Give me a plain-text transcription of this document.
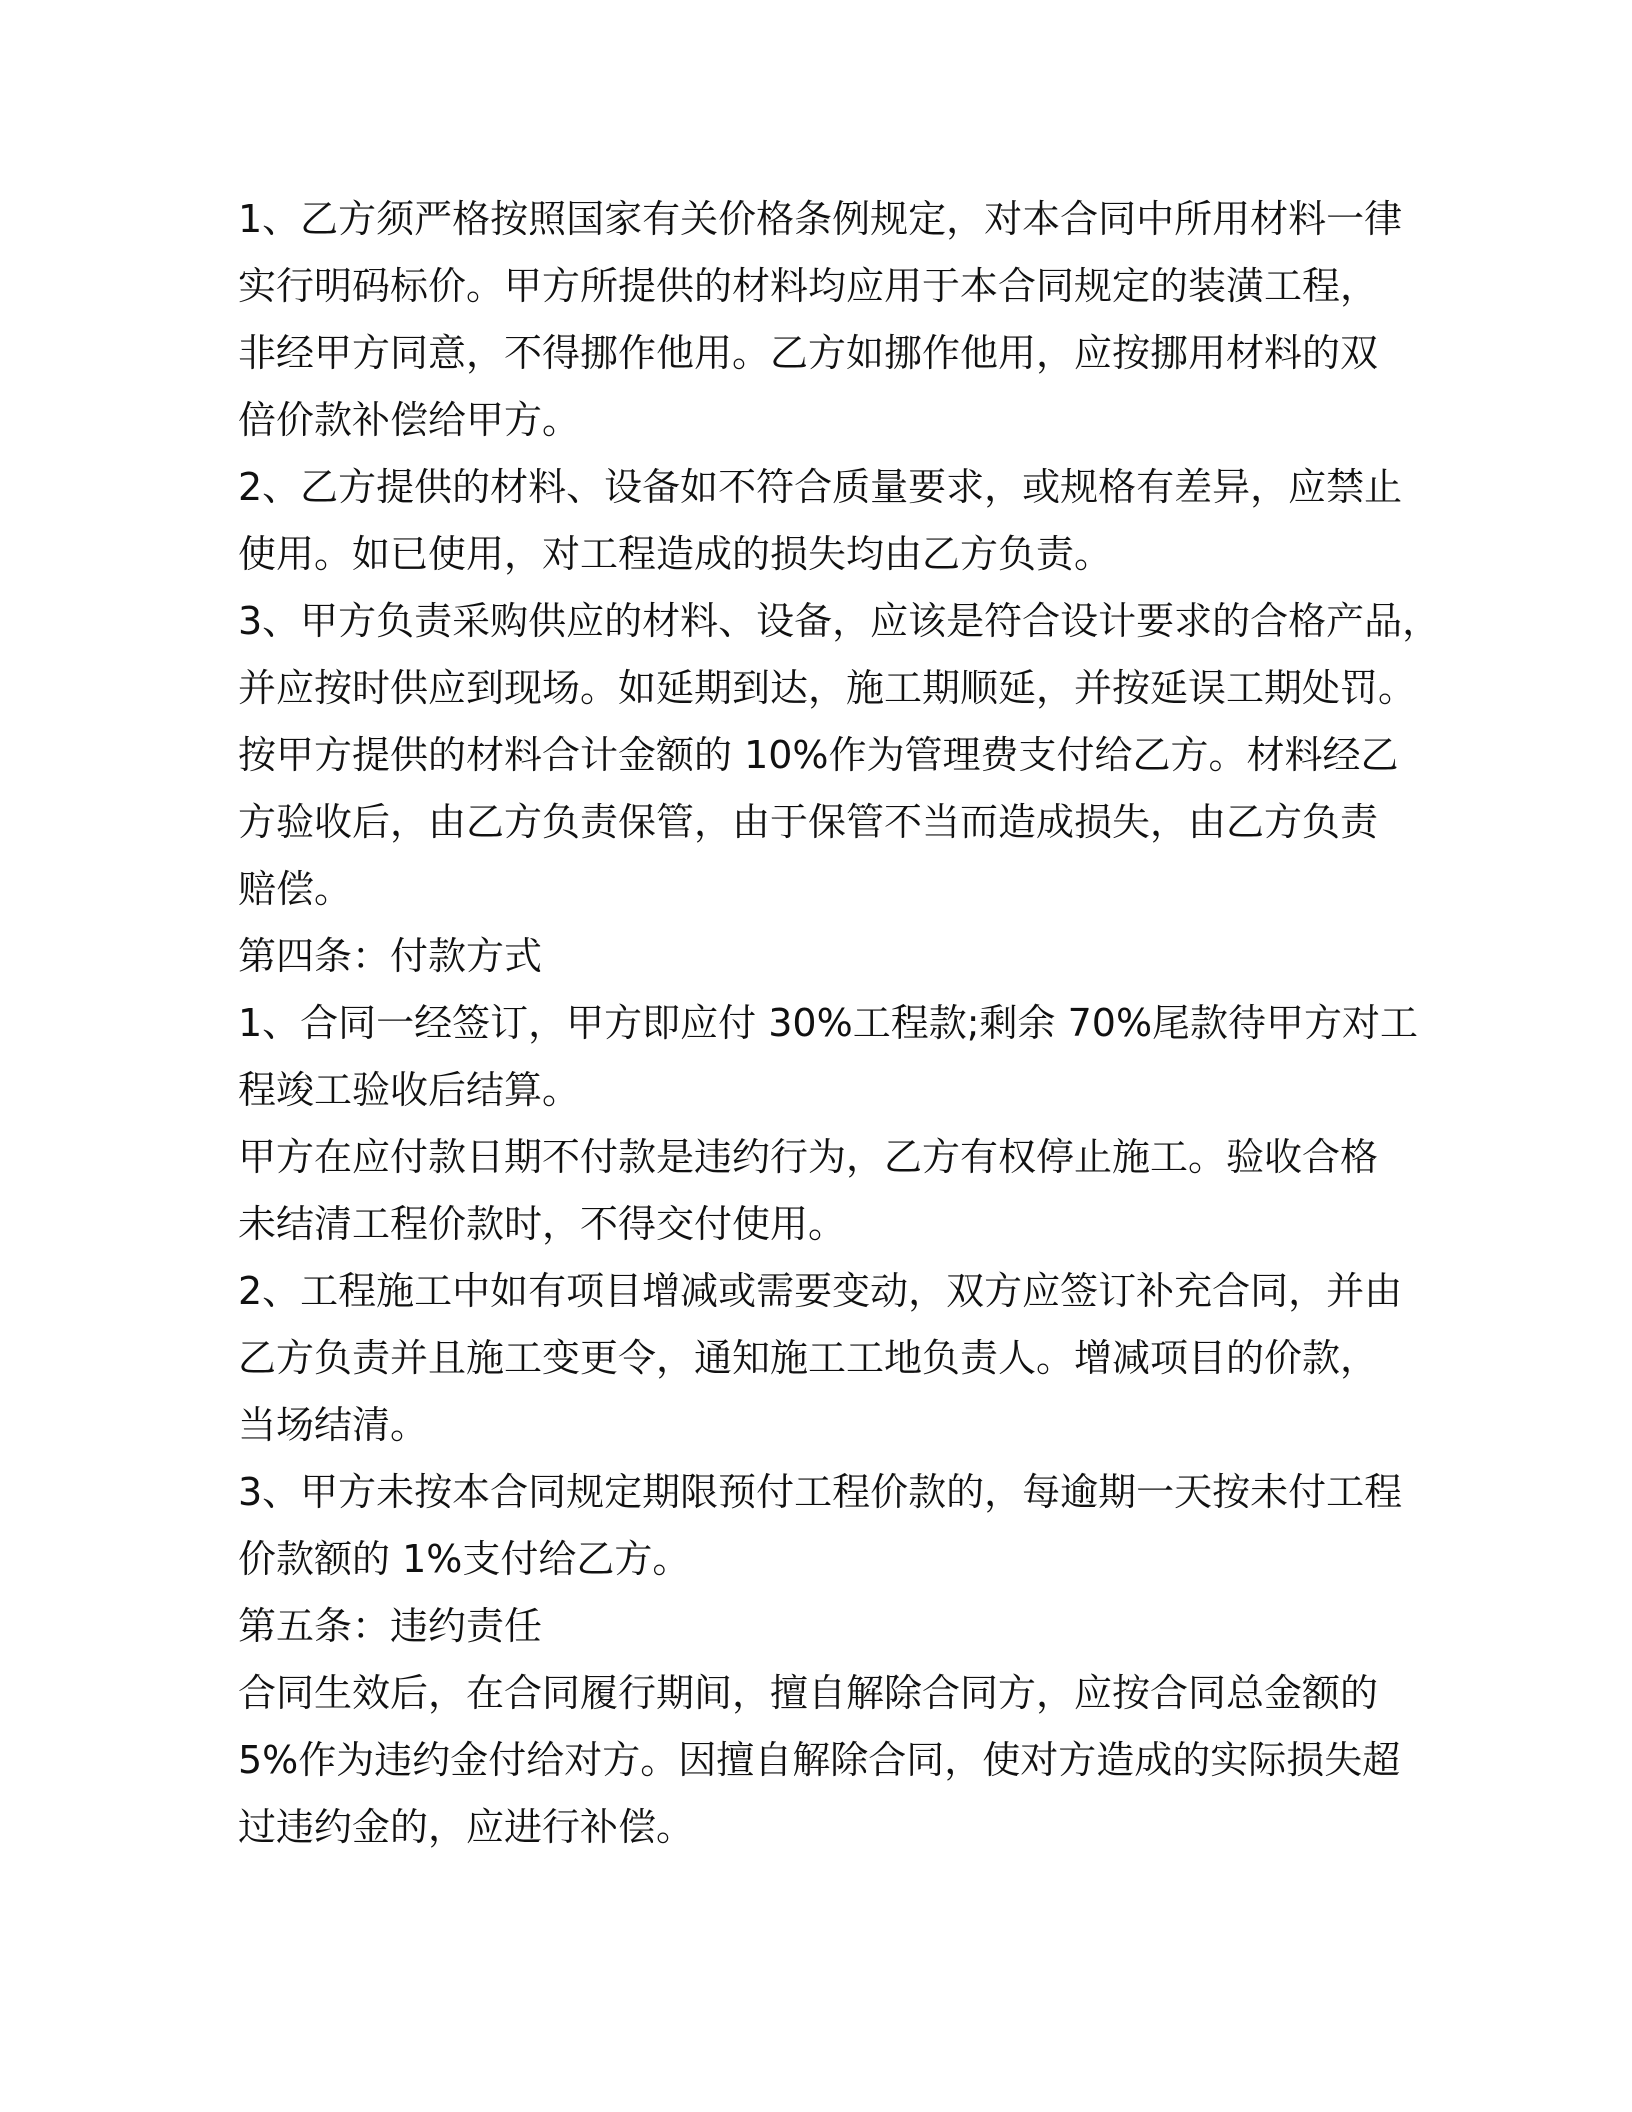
1、乙方须严格按照国家有关价格条例规定，对本合同中所用材料一律
实行明码标价。甲方所提供的材料均应用于本合同规定的装潢工程，
非经甲方同意，不得挪作他用。乙方如挪作他用，应按挪用材料的双
倍价款补偿给甲方。
2、乙方提供的材料、设备如不符合质量要求，或规格有差异，应禁止
使用。如已使用，对工程造成的损失均由乙方负责。
3、甲方负责采购供应的材料、设备，应该是符合设计要求的合格产品，
并应按时供应到现场。如延期到达，施工期顺延，并按延误工期处罚。
按甲方提供的材料合计金额的 10%作为管理费支付给乙方。材料经乙
方验收后，由乙方负责保管，由于保管不当而造成损失，由乙方负责
赔偿。
第四条：付款方式
1、合同一经签订，甲方即应付 30%工程款;剩余 70%尾款待甲方对工
程竣工验收后结算。
甲方在应付款日期不付款是违约行为，乙方有权停止施工。验收合格
未结清工程价款时，不得交付使用。
2、工程施工中如有项目增减或需要变动，双方应签订补充合同，并由
乙方负责并且施工变更令，通知施工工地负责人。增减项目的价款，
当场结清。
3、甲方未按本合同规定期限预付工程价款的，每逾期一天按未付工程
价款额的 1%支付给乙方。
第五条：违约责任
合同生效后，在合同履行期间，擅自解除合同方，应按合同总金额的
5%作为违约金付给对方。因擅自解除合同，使对方造成的实际损失超
过违约金的，应进行补偿。
